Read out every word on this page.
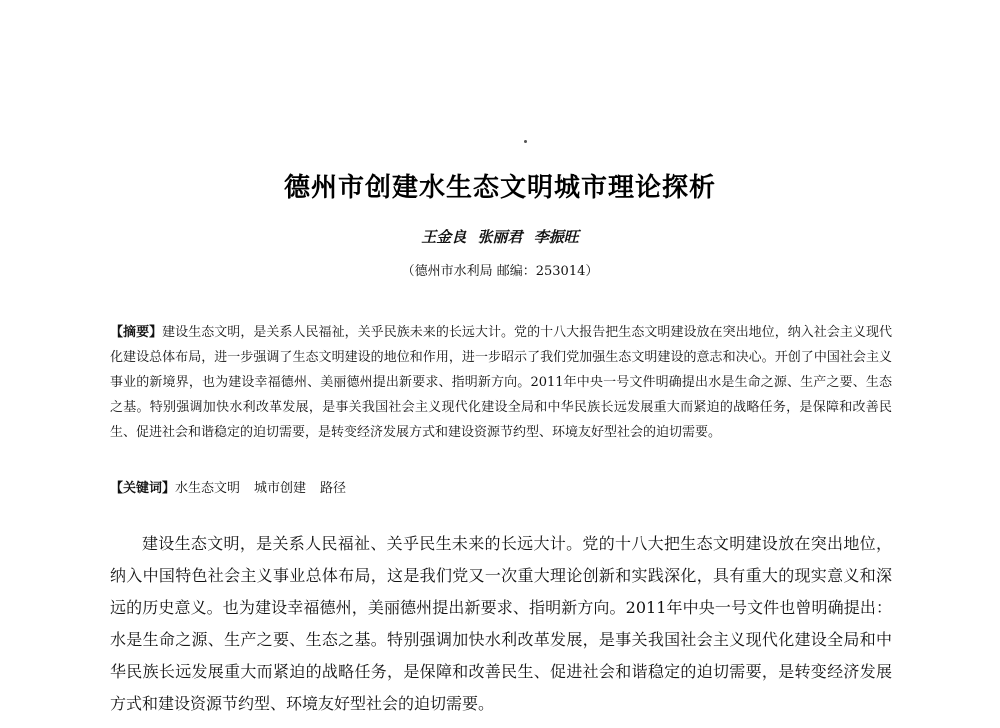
德州市创建水生态文明城市理论探析
王金良 张丽君 李振旺
（德州市水利局 邮编：253014）
【摘要】建设生态文明，是关系人民福祉，关乎民族未来的长远大计。党的十八大报告把生态文明建设放在突出地位，纳入社会主义现代化建设总体布局，进一步强调了生态文明建设的地位和作用，进一步昭示了我们党加强生态文明建设的意志和决心。开创了中国社会主义事业的新境界，也为建设幸福德州、美丽德州提出新要求、指明新方向。2011年中央一号文件明确提出水是生命之源、生产之要、生态之基。特别强调加快水利改革发展，是事关我国社会主义现代化建设全局和中华民族长远发展重大而紧迫的战略任务，是保障和改善民生、促进社会和谐稳定的迫切需要，是转变经济发展方式和建设资源节约型、环境友好型社会的迫切需要。
【关键词】水生态文明 城市创建 路径

建设生态文明，是关系人民福祉、关乎民生未来的长远大计。党的十八大把生态文明建设放在突出地位，纳入中国特色社会主义事业总体布局，这是我们党又一次重大理论创新和实践深化，具有重大的现实意义和深远的历史意义。也为建设幸福德州，美丽德州提出新要求、指明新方向。2011年中央一号文件也曾明确提出：水是生命之源、生产之要、生态之基。特别强调加快水利改革发展，是事关我国社会主义现代化建设全局和中华民族长远发展重大而紧迫的战略任务，是保障和改善民生、促进社会和谐稳定的迫切需要，是转变经济发展方式和建设资源节约型、环境友好型社会的迫切需要。
